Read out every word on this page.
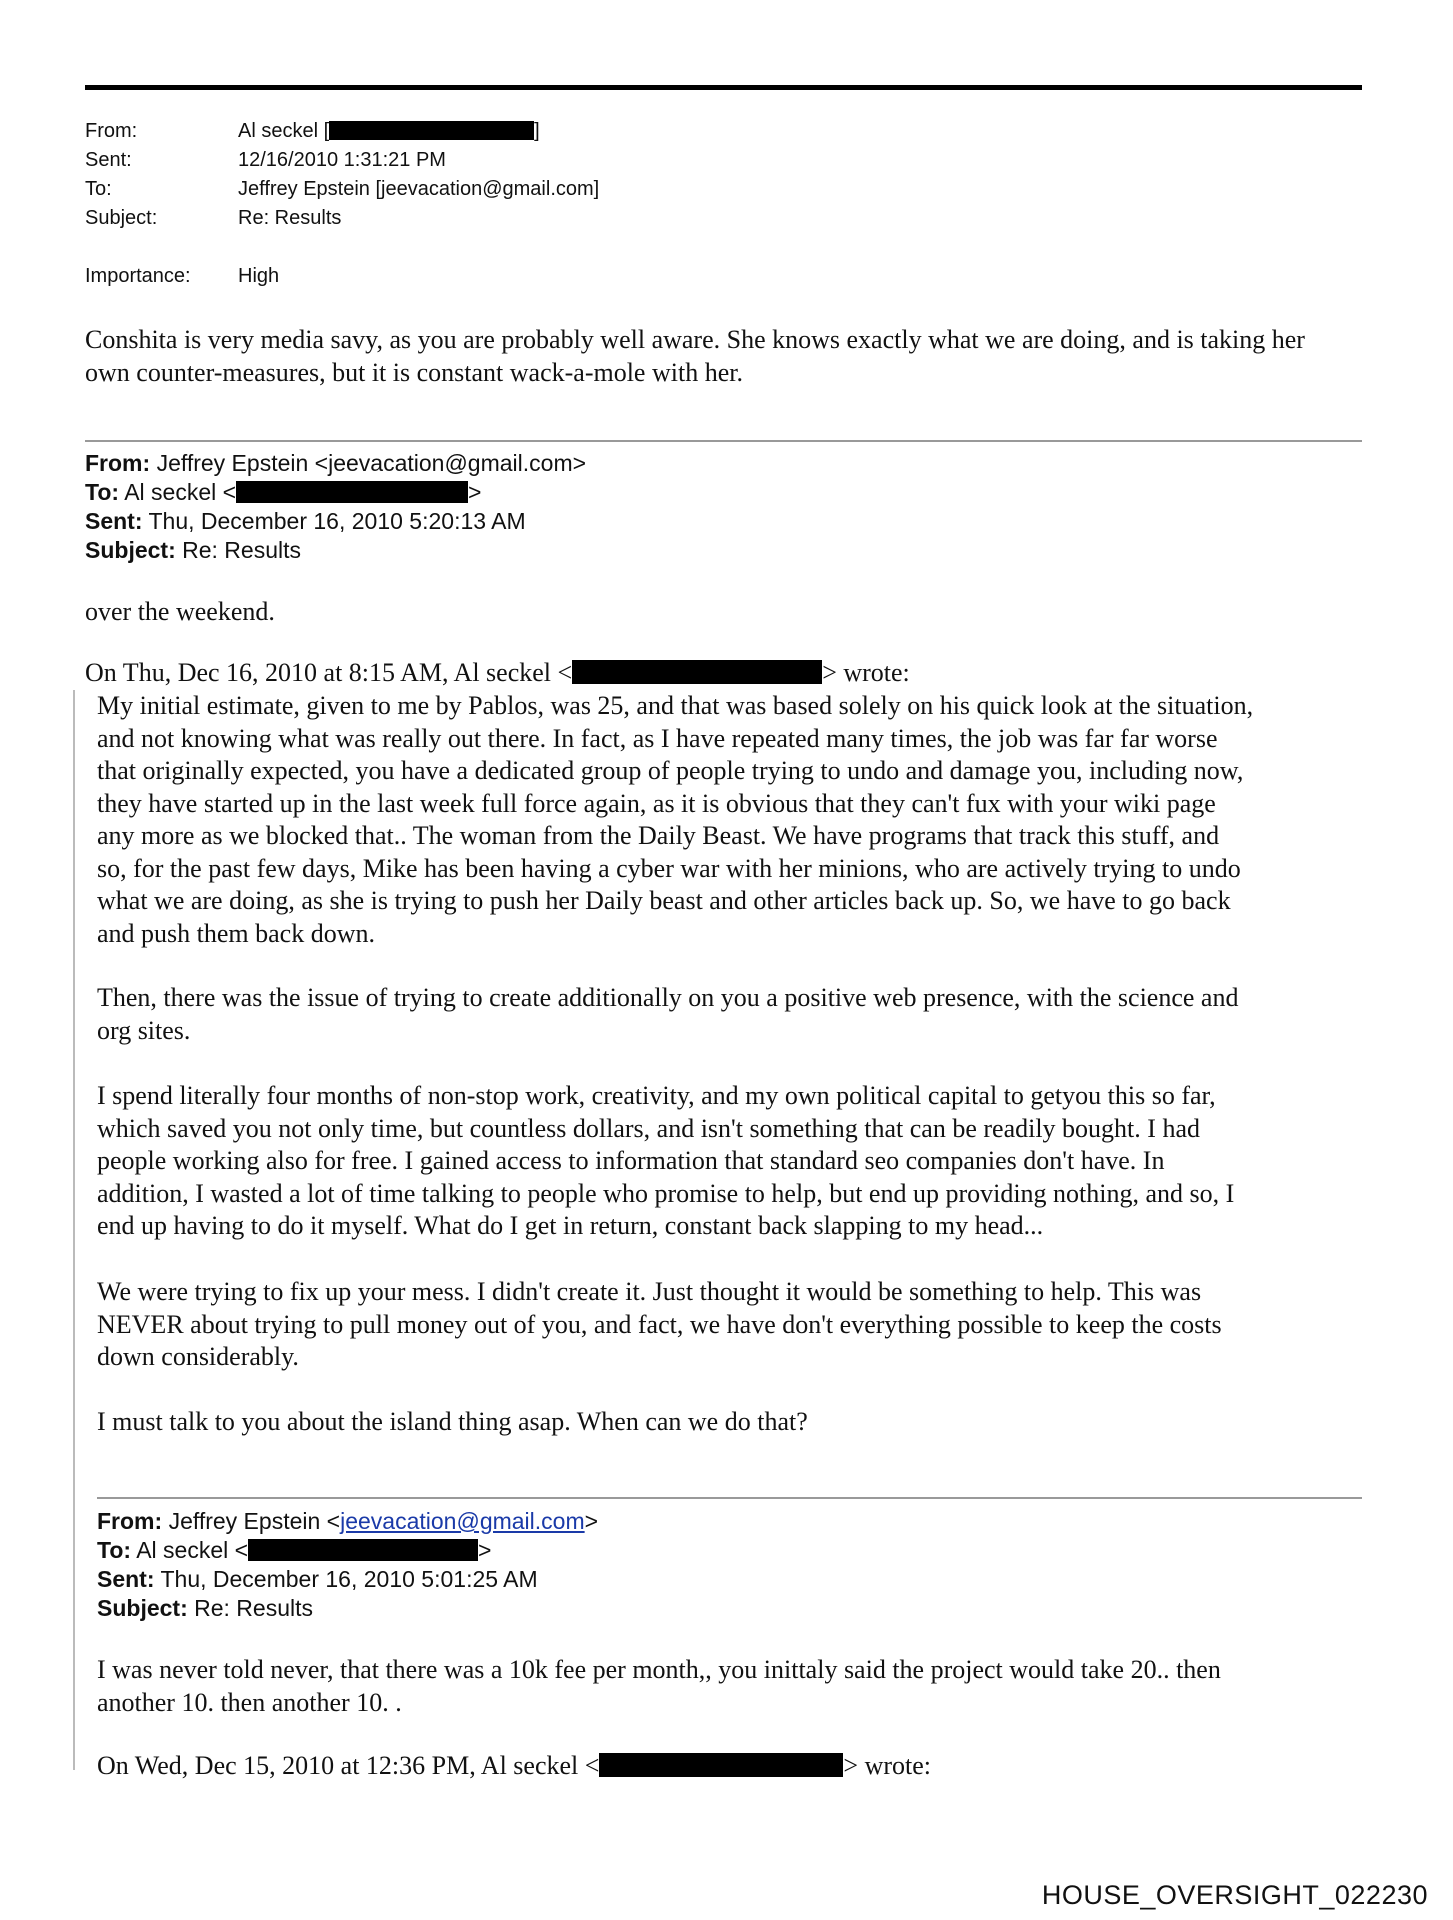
From:	Al seckel [	]
Sent:	12/16/2010 1:31:21 PM
To:	Jeffrey Epstein [jeevacation@gmail.com]
Subject:	Re: Results
Importance: High

Conshita is very media savy, as you are probably well aware. She knows exactly what we are doing, and is taking her
own counter-measures, but it is constant wack-a-mole with her.

From: Jeffrey Epstein <jeevacation@gmail.com>
To: Al seckel <	>
Sent: Thu, December 16, 2010 5:20:13 AM
Subject: Re: Results

over the weekend.

On Thu, Dec 16, 2010 at 8:15 AM, Al seckel <	> wrote:

My initial estimate, given to me by Pablos, was 25, and that was based solely on his quick look at the situation,
and not knowing what was really out there. In fact, as I have repeated many times, the job was far far worse
that originally expected, you have a dedicated group of people trying to undo and damage you, including now,
they have started up in the last week full force again, as it is obvious that they can't fux with your wiki page
any more as we blocked that.. The woman from the Daily Beast. We have programs that track this stuff, and
so, for the past few days, Mike has been having a cyber war with her minions, who are actively trying to undo
what we are doing, as she is trying to push her Daily beast and other articles back up. So, we have to go back
and push them back down.

Then, there was the issue of trying to create additionally on you a positive web presence, with the science and
org sites.

I spend literally four months of non-stop work, creativity, and my own political capital to getyou this so far,
which saved you not only time, but countless dollars, and isn't something that can be readily bought. I had
people working also for free. I gained access to information that standard seo companies don't have. In
addition, I wasted a lot of time talking to people who promise to help, but end up providing nothing, and so, I
end up having to do it myself. What do I get in return, constant back slapping to my head...

We were trying to fix up your mess. I didn't create it. Just thought it would be something to help. This was
NEVER about trying to pull money out of you, and fact, we have don't everything possible to keep the costs
down considerably.

I must talk to you about the island thing asap. When can we do that?

From: Jeffrey Epstein <jeevacation@gmail.com>
To: Al seckel <	>
Sent: Thu, December 16, 2010 5:01:25 AM
Subject: Re: Results

I was never told never, that there was a 10k fee per month,, you inittaly said the project would take 20.. then
another 10. then another 10. .

On Wed, Dec 15, 2010 at 12:36 PM, Al seckel <	> wrote:

HOUSE_OVERSIGHT_022230
